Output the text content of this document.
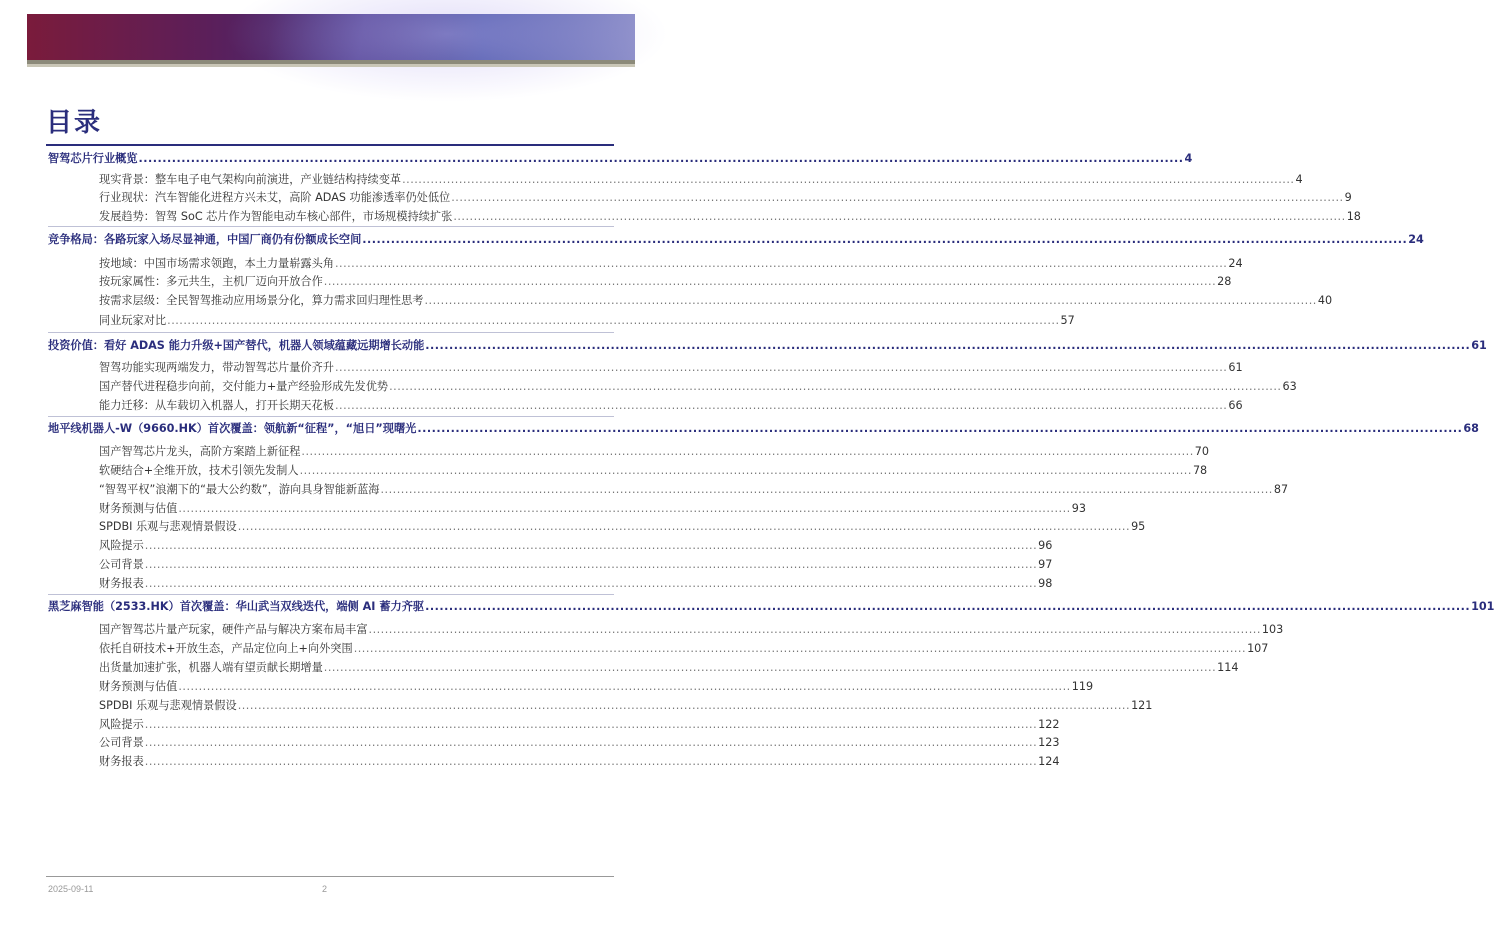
目录
智驾芯片行业概览 ............................................................................................................................................................................................................................ 4
现实背景：整车电子电气架构向前演进，产业链结构持续变革 ............................................................................................................................................................................................................................ 4
行业现状：汽车智能化进程方兴未艾，高阶 ADAS 功能渗透率仍处低位 ............................................................................................................................................................................................................................ 9
发展趋势：智驾 SoC 芯片作为智能电动车核心部件，市场规模持续扩张 ............................................................................................................................................................................................................................ 18
竞争格局：各路玩家入场尽显神通，中国厂商仍有份额成长空间 ............................................................................................................................................................................................................................ 24
按地域：中国市场需求领跑，本土力量崭露头角 ............................................................................................................................................................................................................................ 24
按玩家属性：多元共生，主机厂迈向开放合作 ............................................................................................................................................................................................................................ 28
按需求层级：全民智驾推动应用场景分化，算力需求回归理性思考 ............................................................................................................................................................................................................................ 40
同业玩家对比 ............................................................................................................................................................................................................................ 57
投资价值：看好 ADAS 能力升级+国产替代，机器人领域蕴藏远期增长动能 ............................................................................................................................................................................................................................ 61
智驾功能实现两端发力，带动智驾芯片量价齐升 ............................................................................................................................................................................................................................ 61
国产替代进程稳步向前，交付能力+量产经验形成先发优势 ............................................................................................................................................................................................................................ 63
能力迁移：从车载切入机器人，打开长期天花板 ............................................................................................................................................................................................................................ 66
地平线机器人-W（9660.HK）首次覆盖：领航新“征程”，“旭日”现曙光 ............................................................................................................................................................................................................................ 68
国产智驾芯片龙头，高阶方案踏上新征程 ............................................................................................................................................................................................................................ 70
软硬结合+全维开放，技术引领先发制人 ............................................................................................................................................................................................................................ 78
“智驾平权”浪潮下的“最大公约数”，游向具身智能新蓝海 ............................................................................................................................................................................................................................ 87
财务预测与估值 ............................................................................................................................................................................................................................ 93
SPDBI 乐观与悲观情景假设 ............................................................................................................................................................................................................................ 95
风险提示 ............................................................................................................................................................................................................................ 96
公司背景 ............................................................................................................................................................................................................................ 97
财务报表 ............................................................................................................................................................................................................................ 98
黑芝麻智能（2533.HK）首次覆盖：华山武当双线迭代，端侧 AI 蓄力齐驱 ............................................................................................................................................................................................................................ 101
国产智驾芯片量产玩家，硬件产品与解决方案布局丰富 ............................................................................................................................................................................................................................ 103
依托自研技术+开放生态，产品定位向上+向外突围 ............................................................................................................................................................................................................................ 107
出货量加速扩张，机器人端有望贡献长期增量 ............................................................................................................................................................................................................................ 114
财务预测与估值 ............................................................................................................................................................................................................................ 119
SPDBI 乐观与悲观情景假设 ............................................................................................................................................................................................................................ 121
风险提示 ............................................................................................................................................................................................................................ 122
公司背景 ............................................................................................................................................................................................................................ 123
财务报表 ............................................................................................................................................................................................................................ 124
2025-09-11	2
